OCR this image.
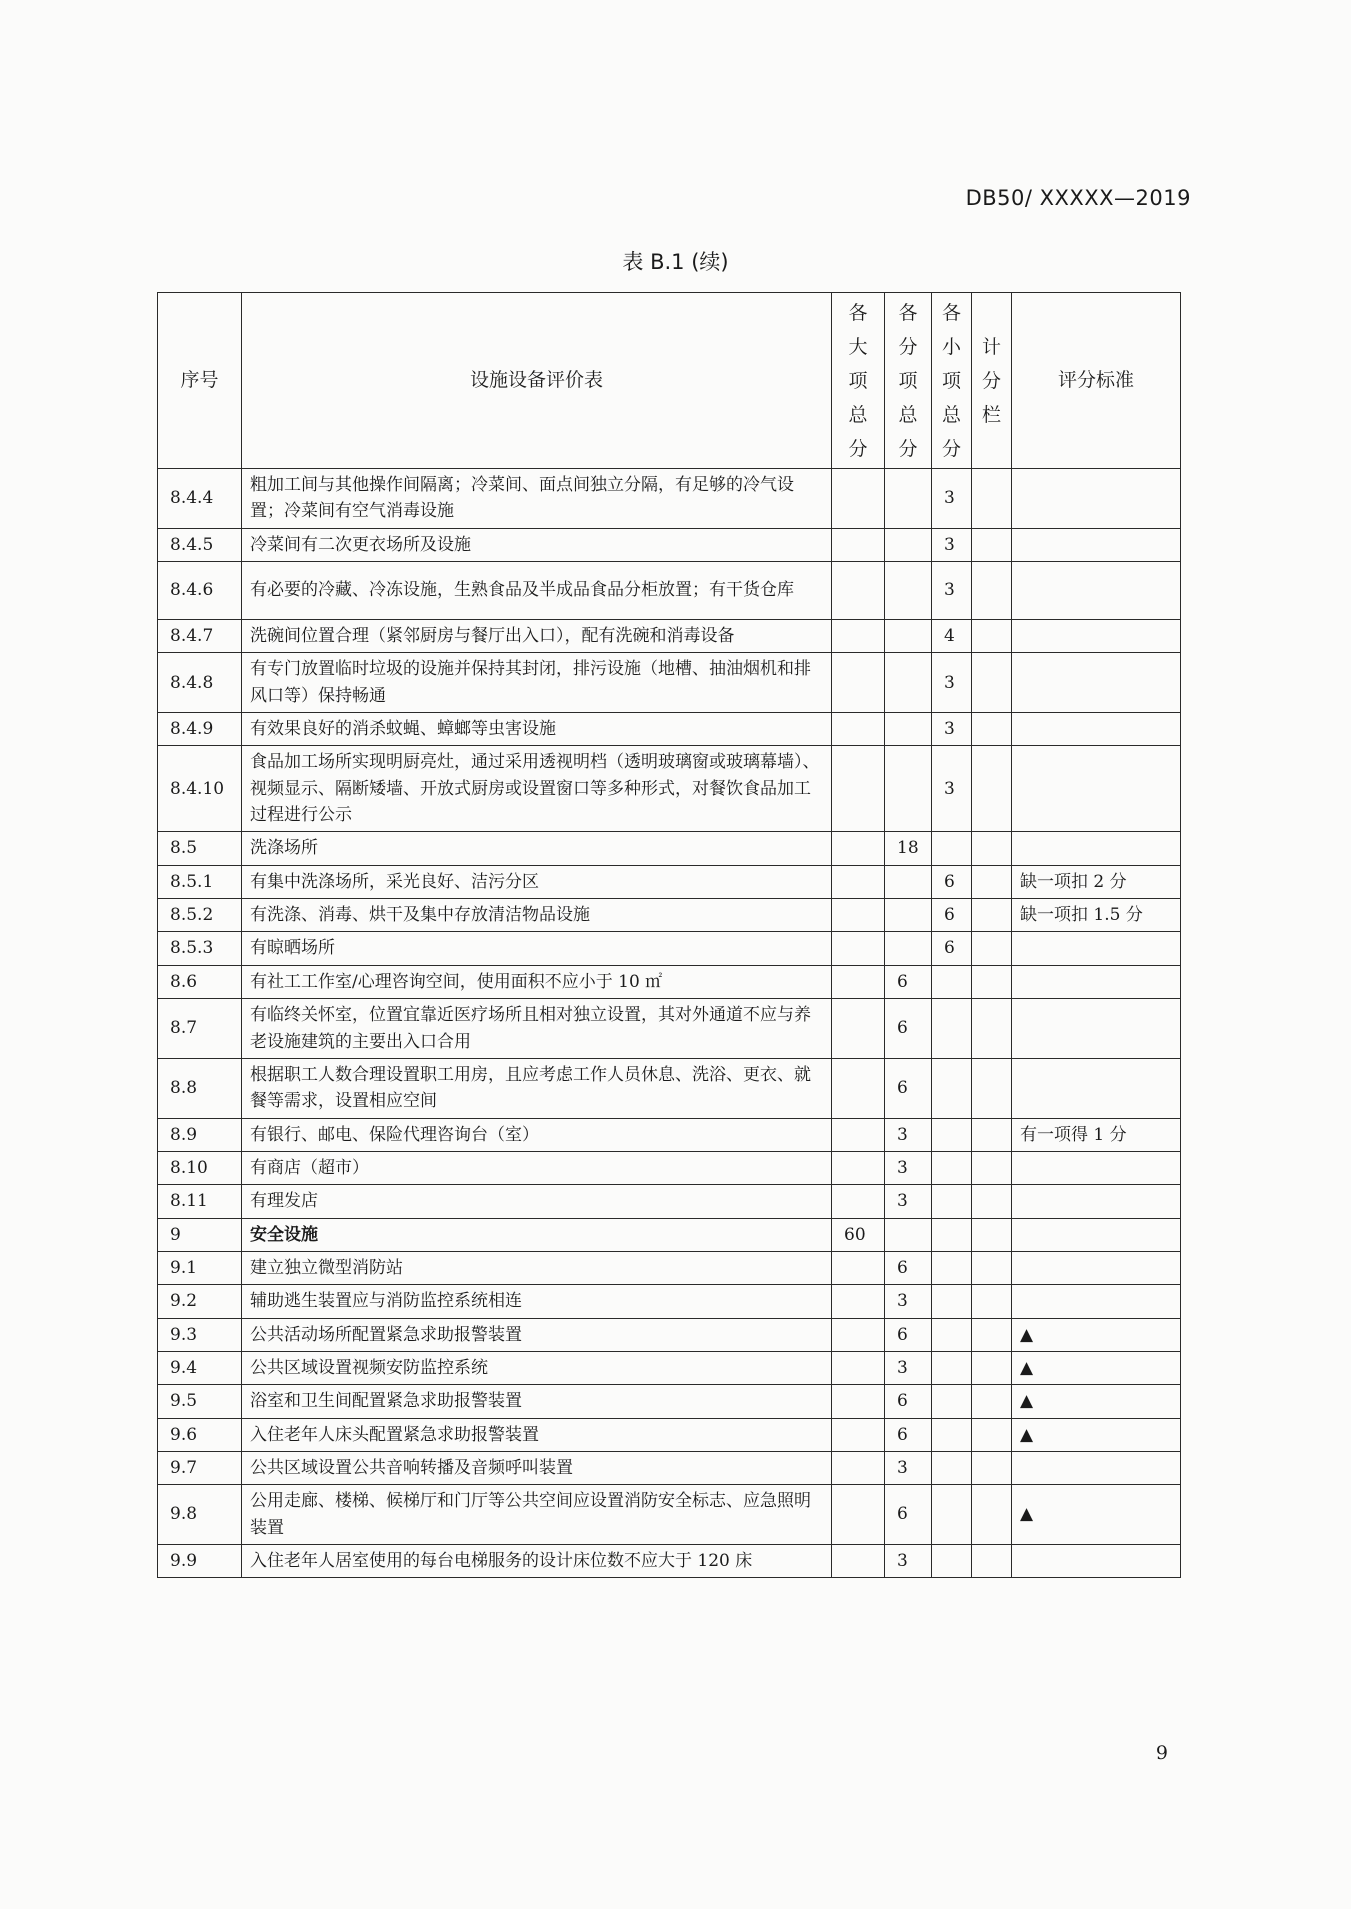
DB50/ XXXXX—2019
表 B.1 (续)
序号	设施设备评价表	各大项总分	各分项总分	各小项总分	计分栏	评分标准
8.4.4	粗加工间与其他操作间隔离；冷菜间、面点间独立分隔，有足够的冷气设置；冷菜间有空气消毒设施			3		
8.4.5	冷菜间有二次更衣场所及设施			3		
8.4.6	有必要的冷藏、冷冻设施，生熟食品及半成品食品分柜放置；有干货仓库			3		
8.4.7	洗碗间位置合理（紧邻厨房与餐厅出入口），配有洗碗和消毒设备			4		
8.4.8	有专门放置临时垃圾的设施并保持其封闭，排污设施（地槽、抽油烟机和排风口等）保持畅通			3		
8.4.9	有效果良好的消杀蚊蝇、蟑螂等虫害设施			3		
8.4.10	食品加工场所实现明厨亮灶，通过采用透视明档（透明玻璃窗或玻璃幕墙）、视频显示、隔断矮墙、开放式厨房或设置窗口等多种形式，对餐饮食品加工过程进行公示			3		
8.5	洗涤场所		18			
8.5.1	有集中洗涤场所，采光良好、洁污分区			6		缺一项扣 2 分
8.5.2	有洗涤、消毒、烘干及集中存放清洁物品设施			6		缺一项扣 1.5 分
8.5.3	有晾晒场所			6		
8.6	有社工工作室/心理咨询空间，使用面积不应小于 10 ㎡		6			
8.7	有临终关怀室，位置宜靠近医疗场所且相对独立设置，其对外通道不应与养老设施建筑的主要出入口合用		6			
8.8	根据职工人数合理设置职工用房，且应考虑工作人员休息、洗浴、更衣、就餐等需求，设置相应空间		6			
8.9	有银行、邮电、保险代理咨询台（室）		3			有一项得 1 分
8.10	有商店（超市）		3			
8.11	有理发店		3			
9	安全设施	60				
9.1	建立独立微型消防站		6			
9.2	辅助逃生装置应与消防监控系统相连		3			
9.3	公共活动场所配置紧急求助报警装置		6			▲
9.4	公共区域设置视频安防监控系统		3			▲
9.5	浴室和卫生间配置紧急求助报警装置		6			▲
9.6	入住老年人床头配置紧急求助报警装置		6			▲
9.7	公共区域设置公共音响转播及音频呼叫装置		3			
9.8	公用走廊、楼梯、候梯厅和门厅等公共空间应设置消防安全标志、应急照明装置		6			▲
9.9	入住老年人居室使用的每台电梯服务的设计床位数不应大于 120 床		3			
9
